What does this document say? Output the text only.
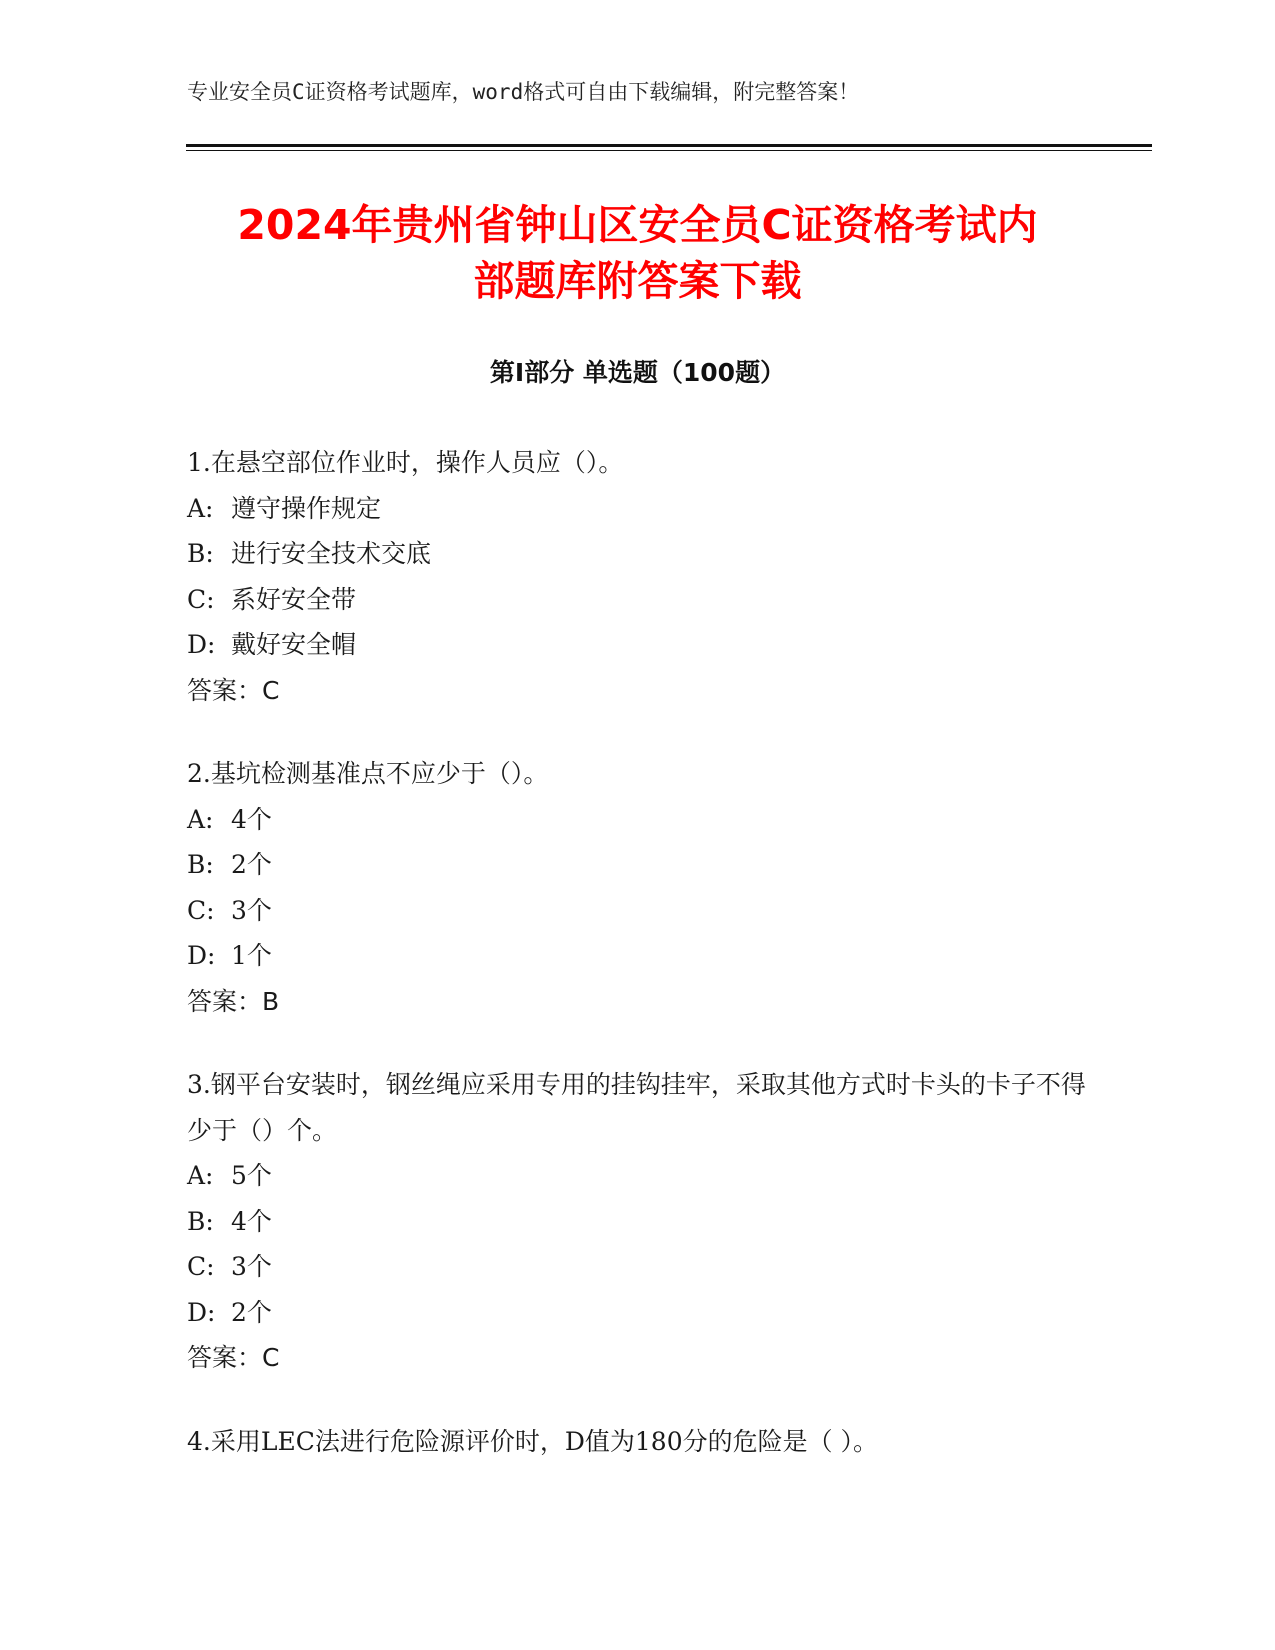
专业安全员C证资格考试题库，word格式可自由下载编辑，附完整答案！
2024年贵州省钟山区安全员C证资格考试内
部题库附答案下载
第Ⅰ部分 单选题（100题）

1.在悬空部位作业时，操作人员应（）。

A: 遵守操作规定

B: 进行安全技术交底

C: 系好安全带

D: 戴好安全帽

答案：C

2.基坑检测基准点不应少于（）。

A: 4个

B: 2个

C: 3个

D: 1个

答案：B

3.钢平台安装时，钢丝绳应采用专用的挂钩挂牢，采取其他方式时卡头的卡子不得少于（）个。

A: 5个

B: 4个

C: 3个

D: 2个

答案：C

4.采用LEC法进行危险源评价时，D值为180分的危险是（ ）。
